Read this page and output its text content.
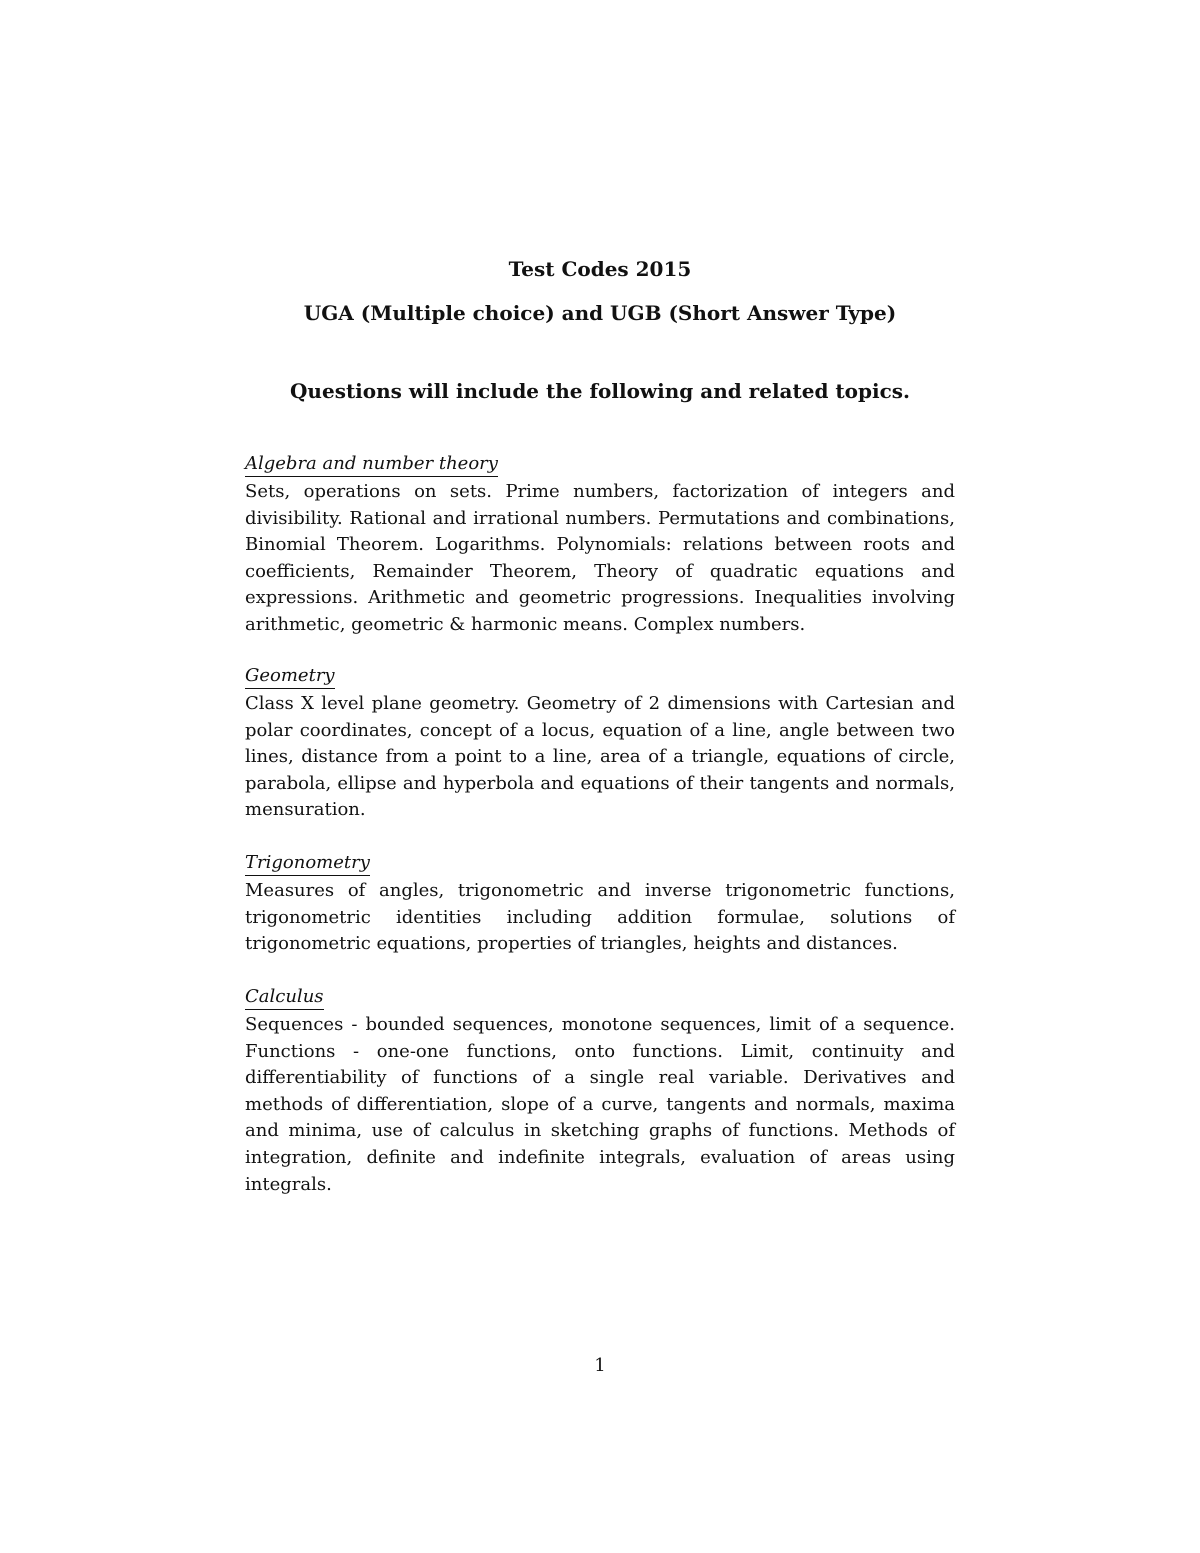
Test Codes 2015
UGA (Multiple choice) and UGB (Short Answer Type)
Questions will include the following and related topics.
Algebra and number theory

Sets, operations on sets. Prime numbers, factorization of integers and divisibility. Rational and irrational numbers. Permutations and combinations, Binomial Theorem. Logarithms. Polynomials: relations between roots and coefficients, Remainder Theorem, Theory of quadratic equations and expressions. Arithmetic and geometric progressions. Inequalities involving arithmetic, geometric & harmonic means. Complex numbers.

Geometry

Class X level plane geometry. Geometry of 2 dimensions with Cartesian and polar coordinates, concept of a locus, equation of a line, angle between two lines, distance from a point to a line, area of a triangle, equations of circle, parabola, ellipse and hyperbola and equations of their tangents and normals, mensuration.

Trigonometry

Measures of angles, trigonometric and inverse trigonometric functions, trigonometric identities including addition formulae, solutions of trigonometric equations, properties of triangles, heights and distances.

Calculus

Sequences - bounded sequences, monotone sequences, limit of a sequence. Functions - one-one functions, onto functions. Limit, continuity and differentiability of functions of a single real variable. Derivatives and methods of differentiation, slope of a curve, tangents and normals, maxima and minima, use of calculus in sketching graphs of functions. Methods of integration, definite and indefinite integrals, evaluation of areas using integrals.

1
